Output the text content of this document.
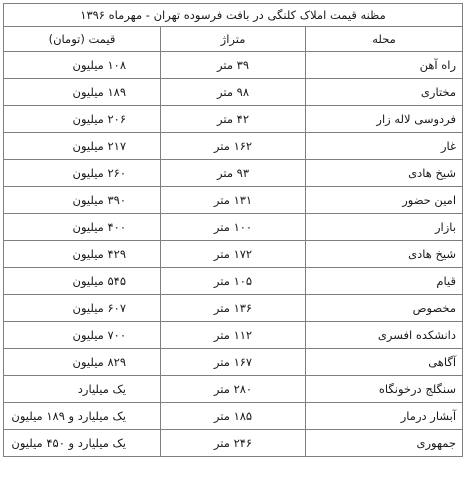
مظنه قیمت املاک کلنگی در بافت فرسوده تهران - مهرماه ۱۳۹۶		
محله	متراژ	قیمت (تومان)
راه آهن	۳۹ متر	۱۰۸ میلیون
مختاری	۹۸ متر	۱۸۹ میلیون
فردوسی لاله زار	۴۲ متر	۲۰۶ میلیون
غار	۱۶۲ متر	۲۱۷ میلیون
شیخ هادی	۹۳ متر	۲۶۰ میلیون
امین حضور	۱۳۱ متر	۳۹۰ میلیون
بازار	۱۰۰ متر	۴۰۰ میلیون
شیخ هادی	۱۷۲ متر	۴۲۹ میلیون
قیام	۱۰۵ متر	۵۴۵ میلیون
مخصوص	۱۳۶ متر	۶۰۷ میلیون
دانشکده افسری	۱۱۲ متر	۷۰۰ میلیون
آگاهی	۱۶۷ متر	۸۲۹ میلیون
سنگلج درخونگاه	۲۸۰ متر	یک میلیارد
آبشار درمار	۱۸۵ متر	یک میلیارد و ۱۸۹ میلیون
جمهوری	۲۴۶ متر	یک میلیارد و ۴۵۰ میلیون
